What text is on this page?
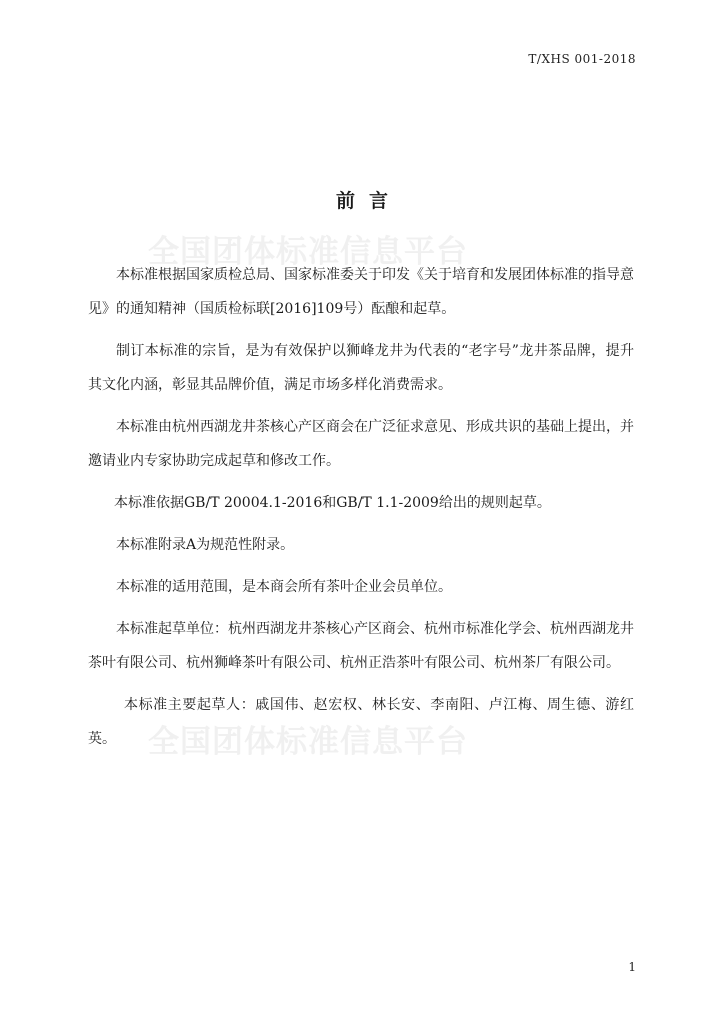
T/XHS 001-2018
全国团体标准信息平台
全国团体标准信息平台
前言

本标准根据国家质检总局、国家标准委关于印发《关于培育和发展团体标准的指导意见》的通知精神（国质检标联[2016]109号）酝酿和起草。

制订本标准的宗旨，是为有效保护以狮峰龙井为代表的“老字号”龙井茶品牌，提升其文化内涵，彰显其品牌价值，满足市场多样化消费需求。

本标准由杭州西湖龙井茶核心产区商会在广泛征求意见、形成共识的基础上提出，并邀请业内专家协助完成起草和修改工作。

本标准依据GB/T 20004.1-2016和GB/T 1.1-2009给出的规则起草。

本标准附录A为规范性附录。

本标准的适用范围，是本商会所有茶叶企业会员单位。

本标准起草单位：杭州西湖龙井茶核心产区商会、杭州市标准化学会、杭州西湖龙井茶叶有限公司、杭州狮峰茶叶有限公司、杭州正浩茶叶有限公司、杭州茶厂有限公司。

本标准主要起草人：戚国伟、赵宏权、林长安、李南阳、卢江梅、周生德、游红英。

1
